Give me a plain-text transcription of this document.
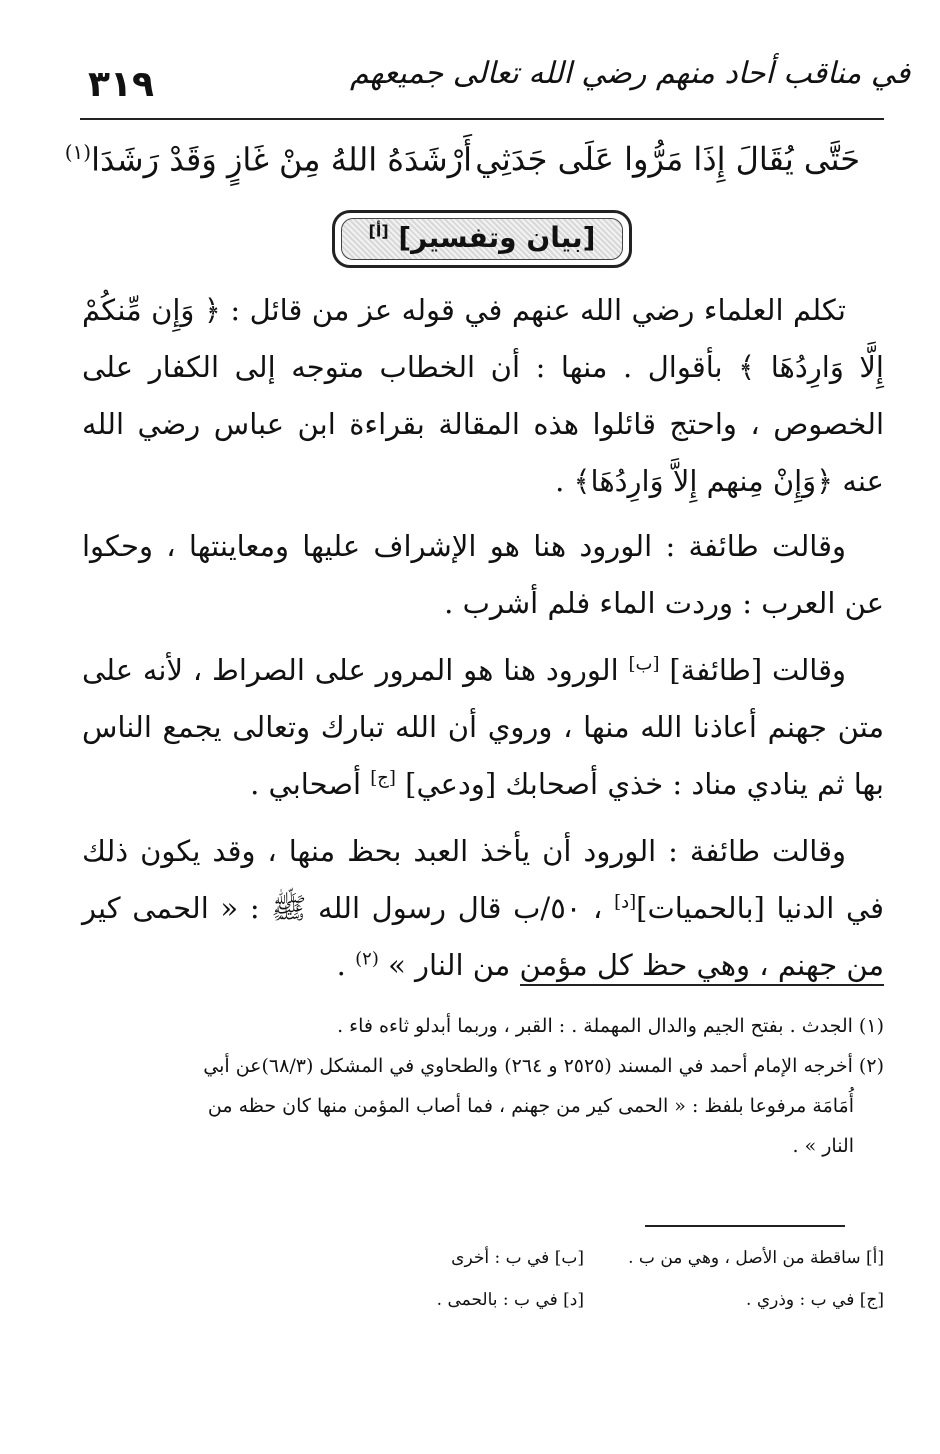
٣١٩	في مناقب أحاد منهم رضي الله تعالى جميعهم
حَتَّى يُقَالَ إِذَا مَرُّوا عَلَى جَدَثِي
أَرْشَدَهُ اللهُ مِنْ غَازٍ وَقَدْ رَشَدَا$^{(١)}$
[بيان وتفسير] [أ]

تكلم العلماء رضي الله عنهم في قوله عز من قائل : ﴿ وَإِن مِّنكُمْ إِلَّا وَارِدُهَا ﴾ بأقوال . منها : أن الخطاب متوجه إلى الكفار على الخصوص ، واحتج قائلوا هذه المقالة بقراءة ابن عباس رضي الله عنه ﴿وَإِنْ مِنهم إِلاَّ وَارِدُهَا﴾ .

وقالت طائفة : الورود هنا هو الإشراف عليها ومعاينتها ، وحكوا عن العرب : وردت الماء فلم أشرب .

وقالت [طائفة] [ب] الورود هنا هو المرور على الصراط ، لأنه على متن جهنم أعاذنا الله منها ، وروي أن الله تبارك وتعالى يجمع الناس بها ثم ينادي مناد : خذي أصحابك [ودعي] [ج] أصحابي .

وقالت طائفة : الورود أن يأخذ العبد بحظ منها ، وقد يكون ذلك في الدنيا [بالحميات][د] ، ٥٠/ب قال رسول الله ﷺ : « الحمى كير من جهنم ، وهي حظ كل مؤمن من النار » $^{(٢)}$ .

(١) الجدث . بفتح الجيم والدال المهملة . : القبر ، وربما أبدلو ثاءه فاء .

(٢) أخرجه الإمام أحمد في المسند (٢٥٢٥ و ٢٦٤) والطحاوي في المشكل (٦٨/٣)عن أبي

أُمَامَة مرفوعا بلفظ : « الحمى كير من جهنم ، فما أصاب المؤمن منها كان حظه من

النار » .

[أ] ساقطة من الأصل ، وهي من ب .
[ب] في ب : أخرى
[ج] في ب : وذري .
[د] في ب : بالحمى .
